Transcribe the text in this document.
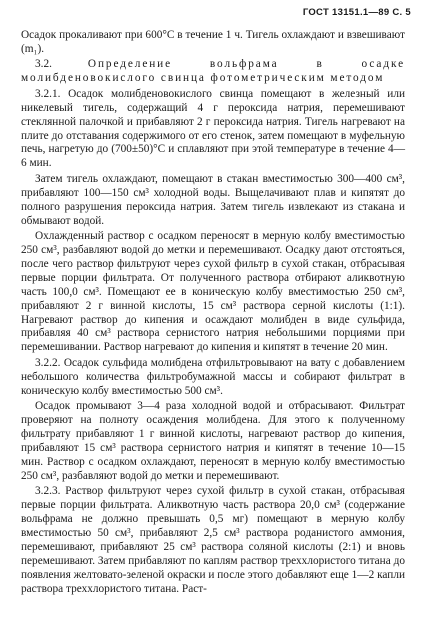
ГОСТ 13151.1—89 С. 5

Осадок прокаливают при 600°С в течение 1 ч. Тигель охлаждают и взвешивают (m₁).

3.2.	Определение вольфрама в осадке молибденовокислого свинца фотометрическим методом

3.2.1. Осадок молибденовокислого свинца помещают в железный или никелевый тигель, содержащий 4 г пероксида натрия, перемешивают стеклянной палочкой и прибавляют 2 г пероксида натрия. Тигель нагревают на плите до отставания содержимого от его стенок, затем помещают в муфельную печь, нагретую до (700±50)°С и сплавляют при этой температуре в течение 4—6 мин.

Затем тигель охлаждают, помещают в стакан вместимостью 300—400 см³, прибавляют 100—150 см³ холодной воды. Выщелачивают плав и кипятят до полного разрушения пероксида натрия. Затем тигель извлекают из стакана и обмывают водой.

Охлажденный раствор с осадком переносят в мерную колбу вместимостью 250 см³, разбавляют водой до метки и перемешивают. Осадку дают отстояться, после чего раствор фильтруют через сухой фильтр в сухой стакан, отбрасывая первые порции фильтрата. От полученного раствора отбирают аликвотную часть 100,0 см³. Помещают ее в коническую колбу вместимостью 250 см³, прибавляют 2 г винной кислоты, 15 см³ раствора серной кислоты (1:1). Нагревают раствор до кипения и осаждают молибден в виде сульфида, прибавляя 40 см³ раствора сернистого натрия небольшими порциями при перемешивании. Раствор нагревают до кипения и кипятят в течение 20 мин.

3.2.2. Осадок сульфида молибдена отфильтровывают на вату с добавлением небольшого количества фильтробумажной массы и собирают фильтрат в коническую колбу вместимостью 500 см³.

Осадок промывают 3—4 раза холодной водой и отбрасывают. Фильтрат проверяют на полноту осаждения молибдена. Для этого к полученному фильтрату прибавляют 1 г винной кислоты, нагревают раствор до кипения, прибавляют 15 см³ раствора сернистого натрия и кипятят в течение 10—15 мин. Раствор с осадком охлаждают, переносят в мерную колбу вместимостью 250 см³, разбавляют водой до метки и перемешивают.

3.2.3. Раствор фильтруют через сухой фильтр в сухой стакан, отбрасывая первые порции фильтрата. Аликвотную часть раствора 20,0 см³ (содержание вольфрама не должно превышать 0,5 мг) помещают в мерную колбу вместимостью 50 см³, прибавляют 2,5 см³ раствора роданистого аммония, перемешивают, прибавляют 25 см³ раствора соляной кислоты (2:1) и вновь перемешивают. Затем прибавляют по каплям раствор треххлористого титана до появления желтовато-зеленой окраски и после этого добавляют еще 1—2 капли раствора треххлористого титана. Раст-
